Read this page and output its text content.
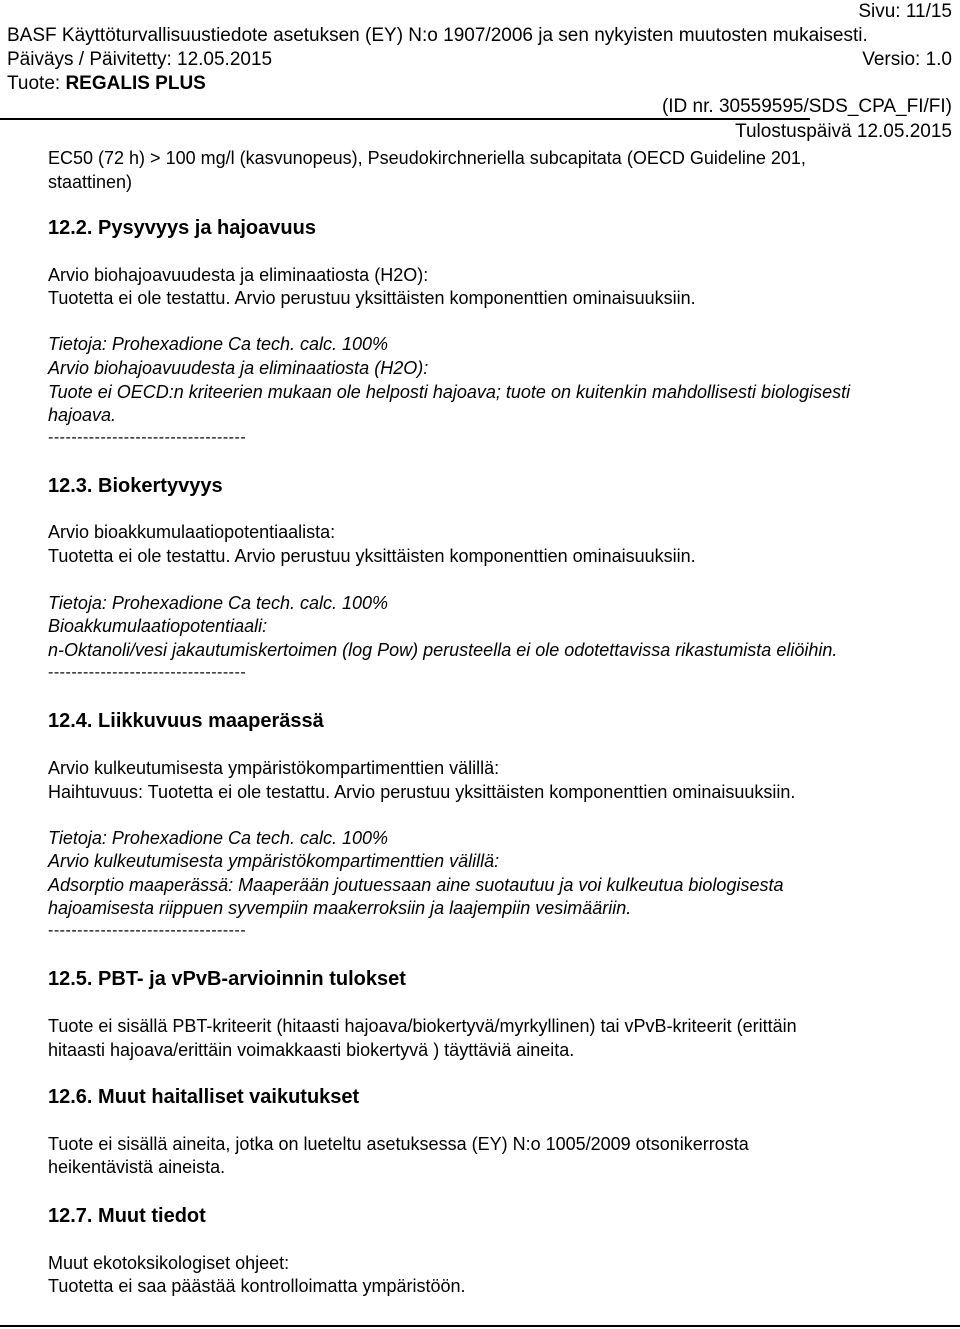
Sivu: 11/15
BASF Käyttöturvallisuustiedote asetuksen (EY) N:o 1907/2006 ja sen nykyisten muutosten mukaisesti.
Päiväys / Päivitetty: 12.05.2015	Versio: 1.0
Tuote: REGALIS PLUS
(ID nr. 30559595/SDS_CPA_FI/FI)
Tulostuspäivä 12.05.2015
EC50 (72 h) > 100 mg/l (kasvunopeus), Pseudokirchneriella subcapitata (OECD Guideline 201,
staattinen)
12.2. Pysyvyys ja hajoavuus
Arvio biohajoavuudesta ja eliminaatiosta (H2O):
Tuotetta ei ole testattu. Arvio perustuu yksittäisten komponenttien ominaisuuksiin.
Tietoja: Prohexadione Ca tech. calc. 100%
Arvio biohajoavuudesta ja eliminaatiosta (H2O):
Tuote ei OECD:n kriteerien mukaan ole helposti hajoava; tuote on kuitenkin mahdollisesti biologisesti
hajoava.
----------------------------------
12.3. Biokertyvyys
Arvio bioakkumulaatiopotentiaalista:
Tuotetta ei ole testattu. Arvio perustuu yksittäisten komponenttien ominaisuuksiin.
Tietoja: Prohexadione Ca tech. calc. 100%
Bioakkumulaatiopotentiaali:
n-Oktanoli/vesi jakautumiskertoimen (log Pow) perusteella ei ole odotettavissa rikastumista eliöihin.
----------------------------------
12.4. Liikkuvuus maaperässä
Arvio kulkeutumisesta ympäristökompartimenttien välillä:
Haihtuvuus: Tuotetta ei ole testattu. Arvio perustuu yksittäisten komponenttien ominaisuuksiin.
Tietoja: Prohexadione Ca tech. calc. 100%
Arvio kulkeutumisesta ympäristökompartimenttien välillä:
Adsorptio maaperässä: Maaperään joutuessaan aine suotautuu ja voi kulkeutua biologisesta
hajoamisesta riippuen syvempiin maakerroksiin ja laajempiin vesimääriin.
----------------------------------
12.5. PBT- ja vPvB-arvioinnin tulokset
Tuote ei sisällä PBT-kriteerit (hitaasti hajoava/biokertyvä/myrkyllinen) tai vPvB-kriteerit (erittäin
hitaasti hajoava/erittäin voimakkaasti biokertyvä ) täyttäviä aineita.
12.6. Muut haitalliset vaikutukset
Tuote ei sisällä aineita, jotka on lueteltu asetuksessa (EY) N:o 1005/2009 otsonikerrosta
heikentävistä aineista.
12.7. Muut tiedot
Muut ekotoksikologiset ohjeet:
Tuotetta ei saa päästää kontrolloimatta ympäristöön.
